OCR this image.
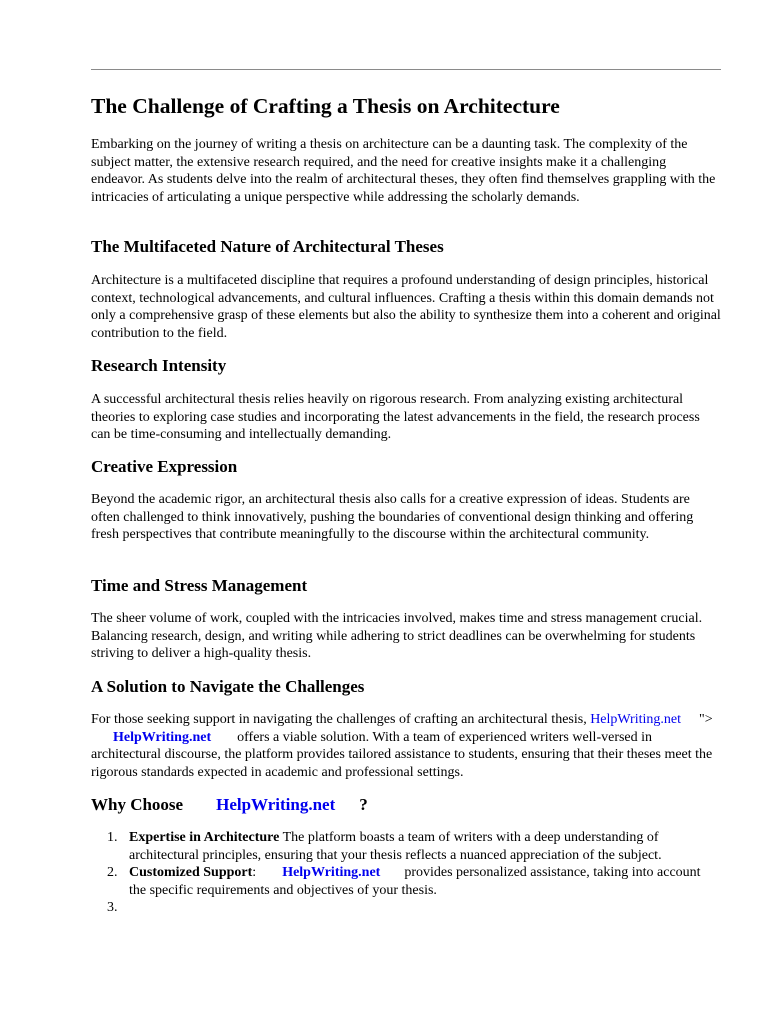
The Challenge of Crafting a Thesis on Architecture

Embarking on the journey of writing a thesis on architecture can be a daunting task. The complexity of the subject matter, the extensive research required, and the need for creative insights make it a challenging endeavor. As students delve into the realm of architectural theses, they often find themselves grappling with the intricacies of articulating a unique perspective while addressing the scholarly demands.

The Multifaceted Nature of Architectural Theses

Architecture is a multifaceted discipline that requires a profound understanding of design principles, historical context, technological advancements, and cultural influences. Crafting a thesis within this domain demands not only a comprehensive grasp of these elements but also the ability to synthesize them into a coherent and original contribution to the field.

Research Intensity

A successful architectural thesis relies heavily on rigorous research. From analyzing existing architectural theories to exploring case studies and incorporating the latest advancements in the field, the research process can be time-consuming and intellectually demanding.

Creative Expression

Beyond the academic rigor, an architectural thesis also calls for a creative expression of ideas. Students are often challenged to think innovatively, pushing the boundaries of conventional design thinking and offering fresh perspectives that contribute meaningfully to the discourse within the architectural community.

Time and Stress Management

The sheer volume of work, coupled with the intricacies involved, makes time and stress management crucial. Balancing research, design, and writing while adhering to strict deadlines can be overwhelming for students striving to deliver a high-quality thesis.

A Solution to Navigate the Challenges

For those seeking support in navigating the challenges of crafting an architectural thesis, HelpWriting.net ">HelpWriting.net offers a viable solution. With a team of experienced writers well-versed in architectural discourse, the platform provides tailored assistance to students, ensuring that their theses meet the rigorous standards expected in academic and professional settings.

Why Choose HelpWriting.net ?
1. Expertise in Architecture The platform boasts a team of writers with a deep understanding of architectural principles, ensuring that your thesis reflects a nuanced appreciation of the subject.
2. Customized Support: HelpWriting.net provides personalized assistance, taking into account the specific requirements and objectives of your thesis.
3.
